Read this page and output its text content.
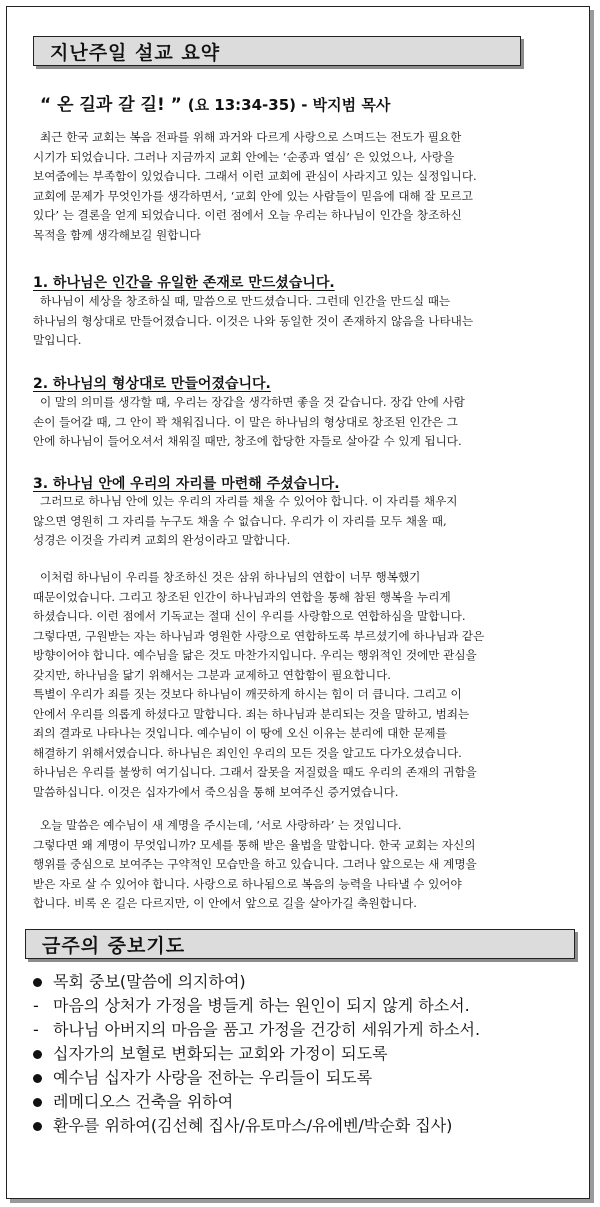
지난주일 설교 요약
“ 온 길과 갈 길! ” (요 13:34-35) - 박지범 목사
최근 한국 교회는 복음 전파를 위해 과거와 다르게 사랑으로 스며드는 전도가 필요한
시기가 되었습니다. 그러나 지금까지 교회 안에는 ‘순종과 열심’ 은 있었으나, 사랑을
보여줌에는 부족함이 있었습니다. 그래서 이런 교회에 관심이 사라지고 있는 실정입니다.
교회에 문제가 무엇인가를 생각하면서, ‘교회 안에 있는 사람들이 믿음에 대해 잘 모르고
있다’ 는 결론을 얻게 되었습니다. 이런 점에서 오늘 우리는 하나님이 인간을 창조하신
목적을 함께 생각해보길 원합니다
1. 하나님은 인간을 유일한 존재로 만드셨습니다.
하나님이 세상을 창조하실 때, 말씀으로 만드셨습니다. 그런데 인간을 만드실 때는
하나님의 형상대로 만들어졌습니다. 이것은 나와 동일한 것이 존재하지 않음을 나타내는
말입니다.
2. 하나님의 형상대로 만들어졌습니다.
이 말의 의미를 생각할 때, 우리는 장갑을 생각하면 좋을 것 같습니다. 장갑 안에 사람
손이 들어갈 때, 그 안이 꽉 채워집니다. 이 말은 하나님의 형상대로 창조된 인간은 그
안에 하나님이 들어오셔서 채워질 때만, 창조에 합당한 자들로 살아갈 수 있게 됩니다.
3. 하나님 안에 우리의 자리를 마련해 주셨습니다.
그러므로 하나님 안에 있는 우리의 자리를 채울 수 있어야 합니다. 이 자리를 채우지
않으면 영원히 그 자리를 누구도 채울 수 없습니다. 우리가 이 자리를 모두 채울 때,
성경은 이것을 가리켜 교회의 완성이라고 말합니다.
이처럼 하나님이 우리를 창조하신 것은 삼위 하나님의 연합이 너무 행복했기
때문이었습니다. 그리고 창조된 인간이 하나님과의 연합을 통해 참된 행복을 누리게
하셨습니다. 이런 점에서 기독교는 절대 신이 우리를 사랑함으로 연합하심을 말합니다.
그렇다면, 구원받는 자는 하나님과 영원한 사랑으로 연합하도록 부르셨기에 하나님과 같은
방향이어야 합니다. 예수님을 닮은 것도 마찬가지입니다. 우리는 행위적인 것에만 관심을
갖지만, 하나님을 닮기 위해서는 그분과 교제하고 연합함이 필요합니다.
특별이 우리가 죄를 짓는 것보다 하나님이 깨끗하게 하시는 힘이 더 큽니다. 그리고 이
안에서 우리를 의롭게 하셨다고 말합니다. 죄는 하나님과 분리되는 것을 말하고, 범죄는
죄의 결과로 나타나는 것입니다. 예수님이 이 땅에 오신 이유는 분리에 대한 문제를
해결하기 위해서였습니다. 하나님은 죄인인 우리의 모든 것을 알고도 다가오셨습니다.
하나님은 우리를 불쌍히 여기십니다. 그래서 잘못을 저질렀을 때도 우리의 존재의 귀함을
말씀하십니다. 이것은 십자가에서 죽으심을 통해 보여주신 증거였습니다.
오늘 말씀은 예수님이 새 계명을 주시는데, ‘서로 사랑하라’ 는 것입니다.
그렇다면 왜 계명이 무엇입니까? 모세를 통해 받은 율법을 말합니다. 한국 교회는 자신의
행위를 중심으로 보여주는 구약적인 모습만을 하고 있습니다. 그러나 앞으로는 새 계명을
받은 자로 살 수 있어야 합니다. 사랑으로 하나됨으로 복음의 능력을 나타낼 수 있어야
합니다. 비록 온 길은 다르지만, 이 안에서 앞으로 길을 살아가길 축원합니다.
금주의 중보기도
목회 중보(말씀에 의지하여)
- 마음의 상처가 가정을 병들게 하는 원인이 되지 않게 하소서.
- 하나님 아버지의 마음을 품고 가정을 건강히 세워가게 하소서.
십자가의 보혈로 변화되는 교회와 가정이 되도록
예수님 십자가 사랑을 전하는 우리들이 되도록
레메디오스 건축을 위하여
환우를 위하여(김선혜 집사/유토마스/유에벤/박순화 집사)
